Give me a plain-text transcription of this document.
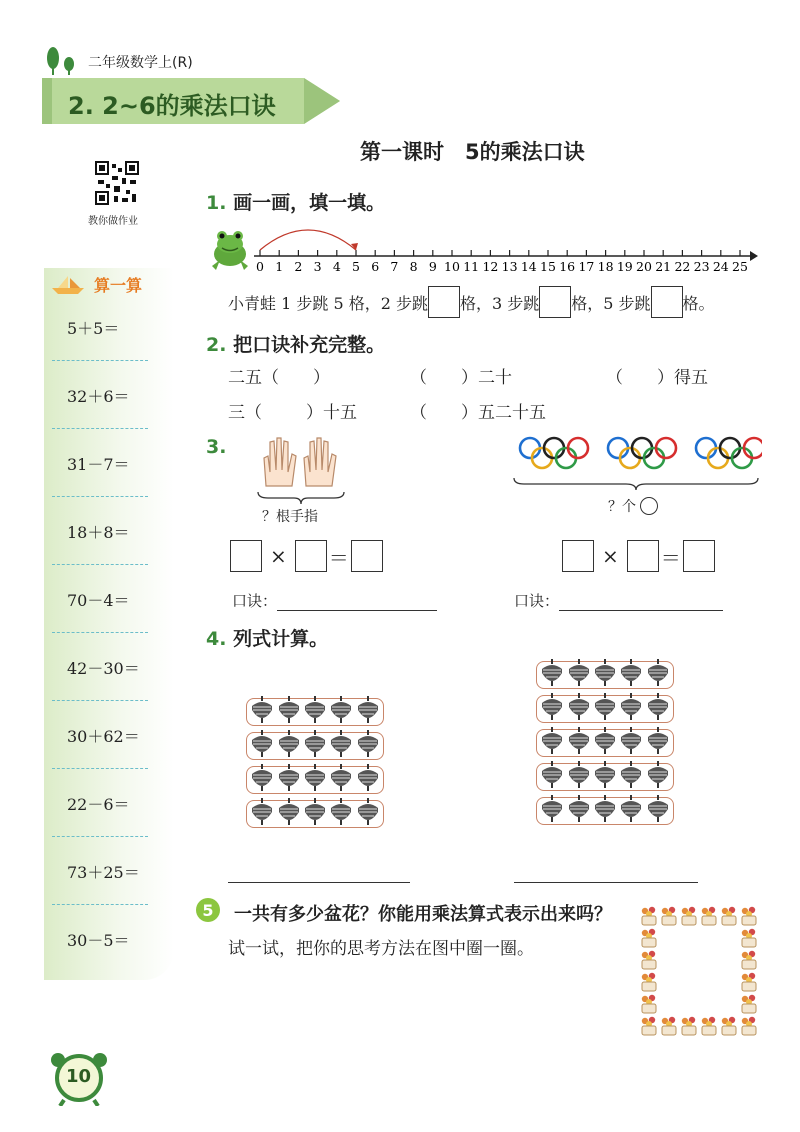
二年级数学上(R)
2. 2~6的乘法口诀
第一课时　5的乘法口诀
教你做作业
算一算
5＋5＝
32＋6＝
31－7＝
18＋8＝
70－4＝
42－30＝
30＋62＝
22－6＝
73＋25＝
30－5＝
1. 画一画，填一填。
0 1 2 3 4 5 6 7 8 9 10 11 12 13 14 15 16 17 18 19 20 21 22 23 24 25
小青蛙 1 步跳 5 格，2 步跳 格，3 步跳 格，5 步跳 格。
2. 把口诀补充完整。
二五（ ）	（ ）二十	（ ）得五
三（	）十五	（ ）五二十五
3.
？根手指
？个
× ＝	× ＝
口诀：	口诀：
4. 列式计算。
5 一共有多少盆花？你能用乘法算式表示出来吗？
试一试，把你的思考方法在图中圈一圈。
10
